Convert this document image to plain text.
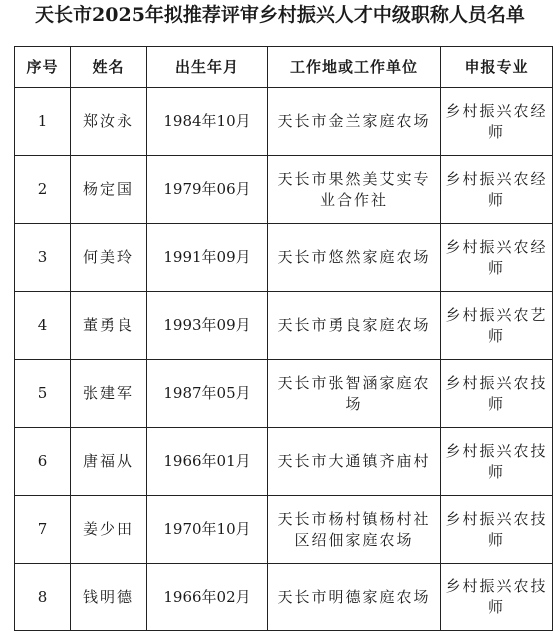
天长市2025年拟推荐评审乡村振兴人才中级职称人员名单
序号	姓名	出生年月	工作地或工作单位	申报专业
1	郑汝永	1984年10月	天长市金兰家庭农场	乡村振兴农经师
2	杨定国	1979年06月	天长市果然美艾实专业合作社	乡村振兴农经师
3	何美玲	1991年09月	天长市悠然家庭农场	乡村振兴农经师
4	董勇良	1993年09月	天长市勇良家庭农场	乡村振兴农艺师
5	张建军	1987年05月	天长市张智涵家庭农场	乡村振兴农技师
6	唐福从	1966年01月	天长市大通镇齐庙村	乡村振兴农技师
7	姜少田	1970年10月	天长市杨村镇杨村社区绍佃家庭农场	乡村振兴农技师
8	钱明德	1966年02月	天长市明德家庭农场	乡村振兴农技师
